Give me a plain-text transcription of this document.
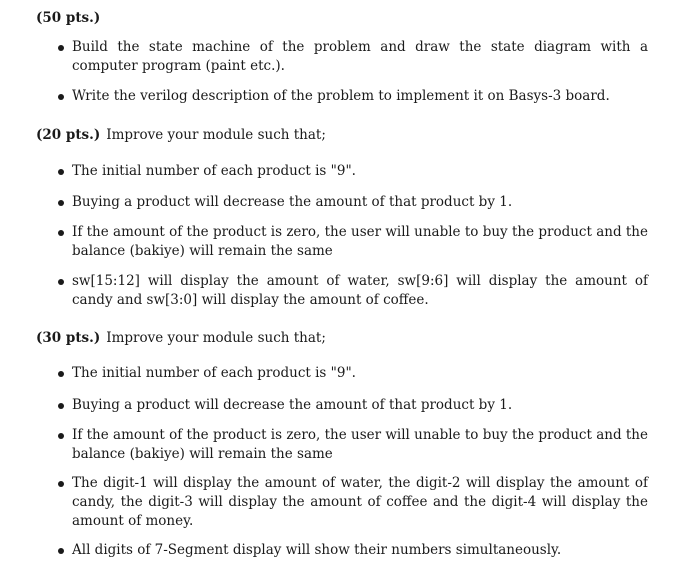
(50 pts.)
Build the state machine of the problem and draw the state diagram with a computer program (paint etc.).
Write the verilog description of the problem to implement it on Basys-3 board.
(20 pts.) Improve your module such that;
The initial number of each product is "9".
Buying a product will decrease the amount of that product by 1.
If the amount of the product is zero, the user will unable to buy the product and the balance (bakiye) will remain the same
sw[15:12] will display the amount of water, sw[9:6] will display the amount of candy and sw[3:0] will display the amount of coffee.
(30 pts.) Improve your module such that;
The initial number of each product is "9".
Buying a product will decrease the amount of that product by 1.
If the amount of the product is zero, the user will unable to buy the product and the balance (bakiye) will remain the same
The digit-1 will display the amount of water, the digit-2 will display the amount of candy, the digit-3 will display the amount of coffee and the digit-4 will display the amount of money.
All digits of 7-Segment display will show their numbers simultaneously.
